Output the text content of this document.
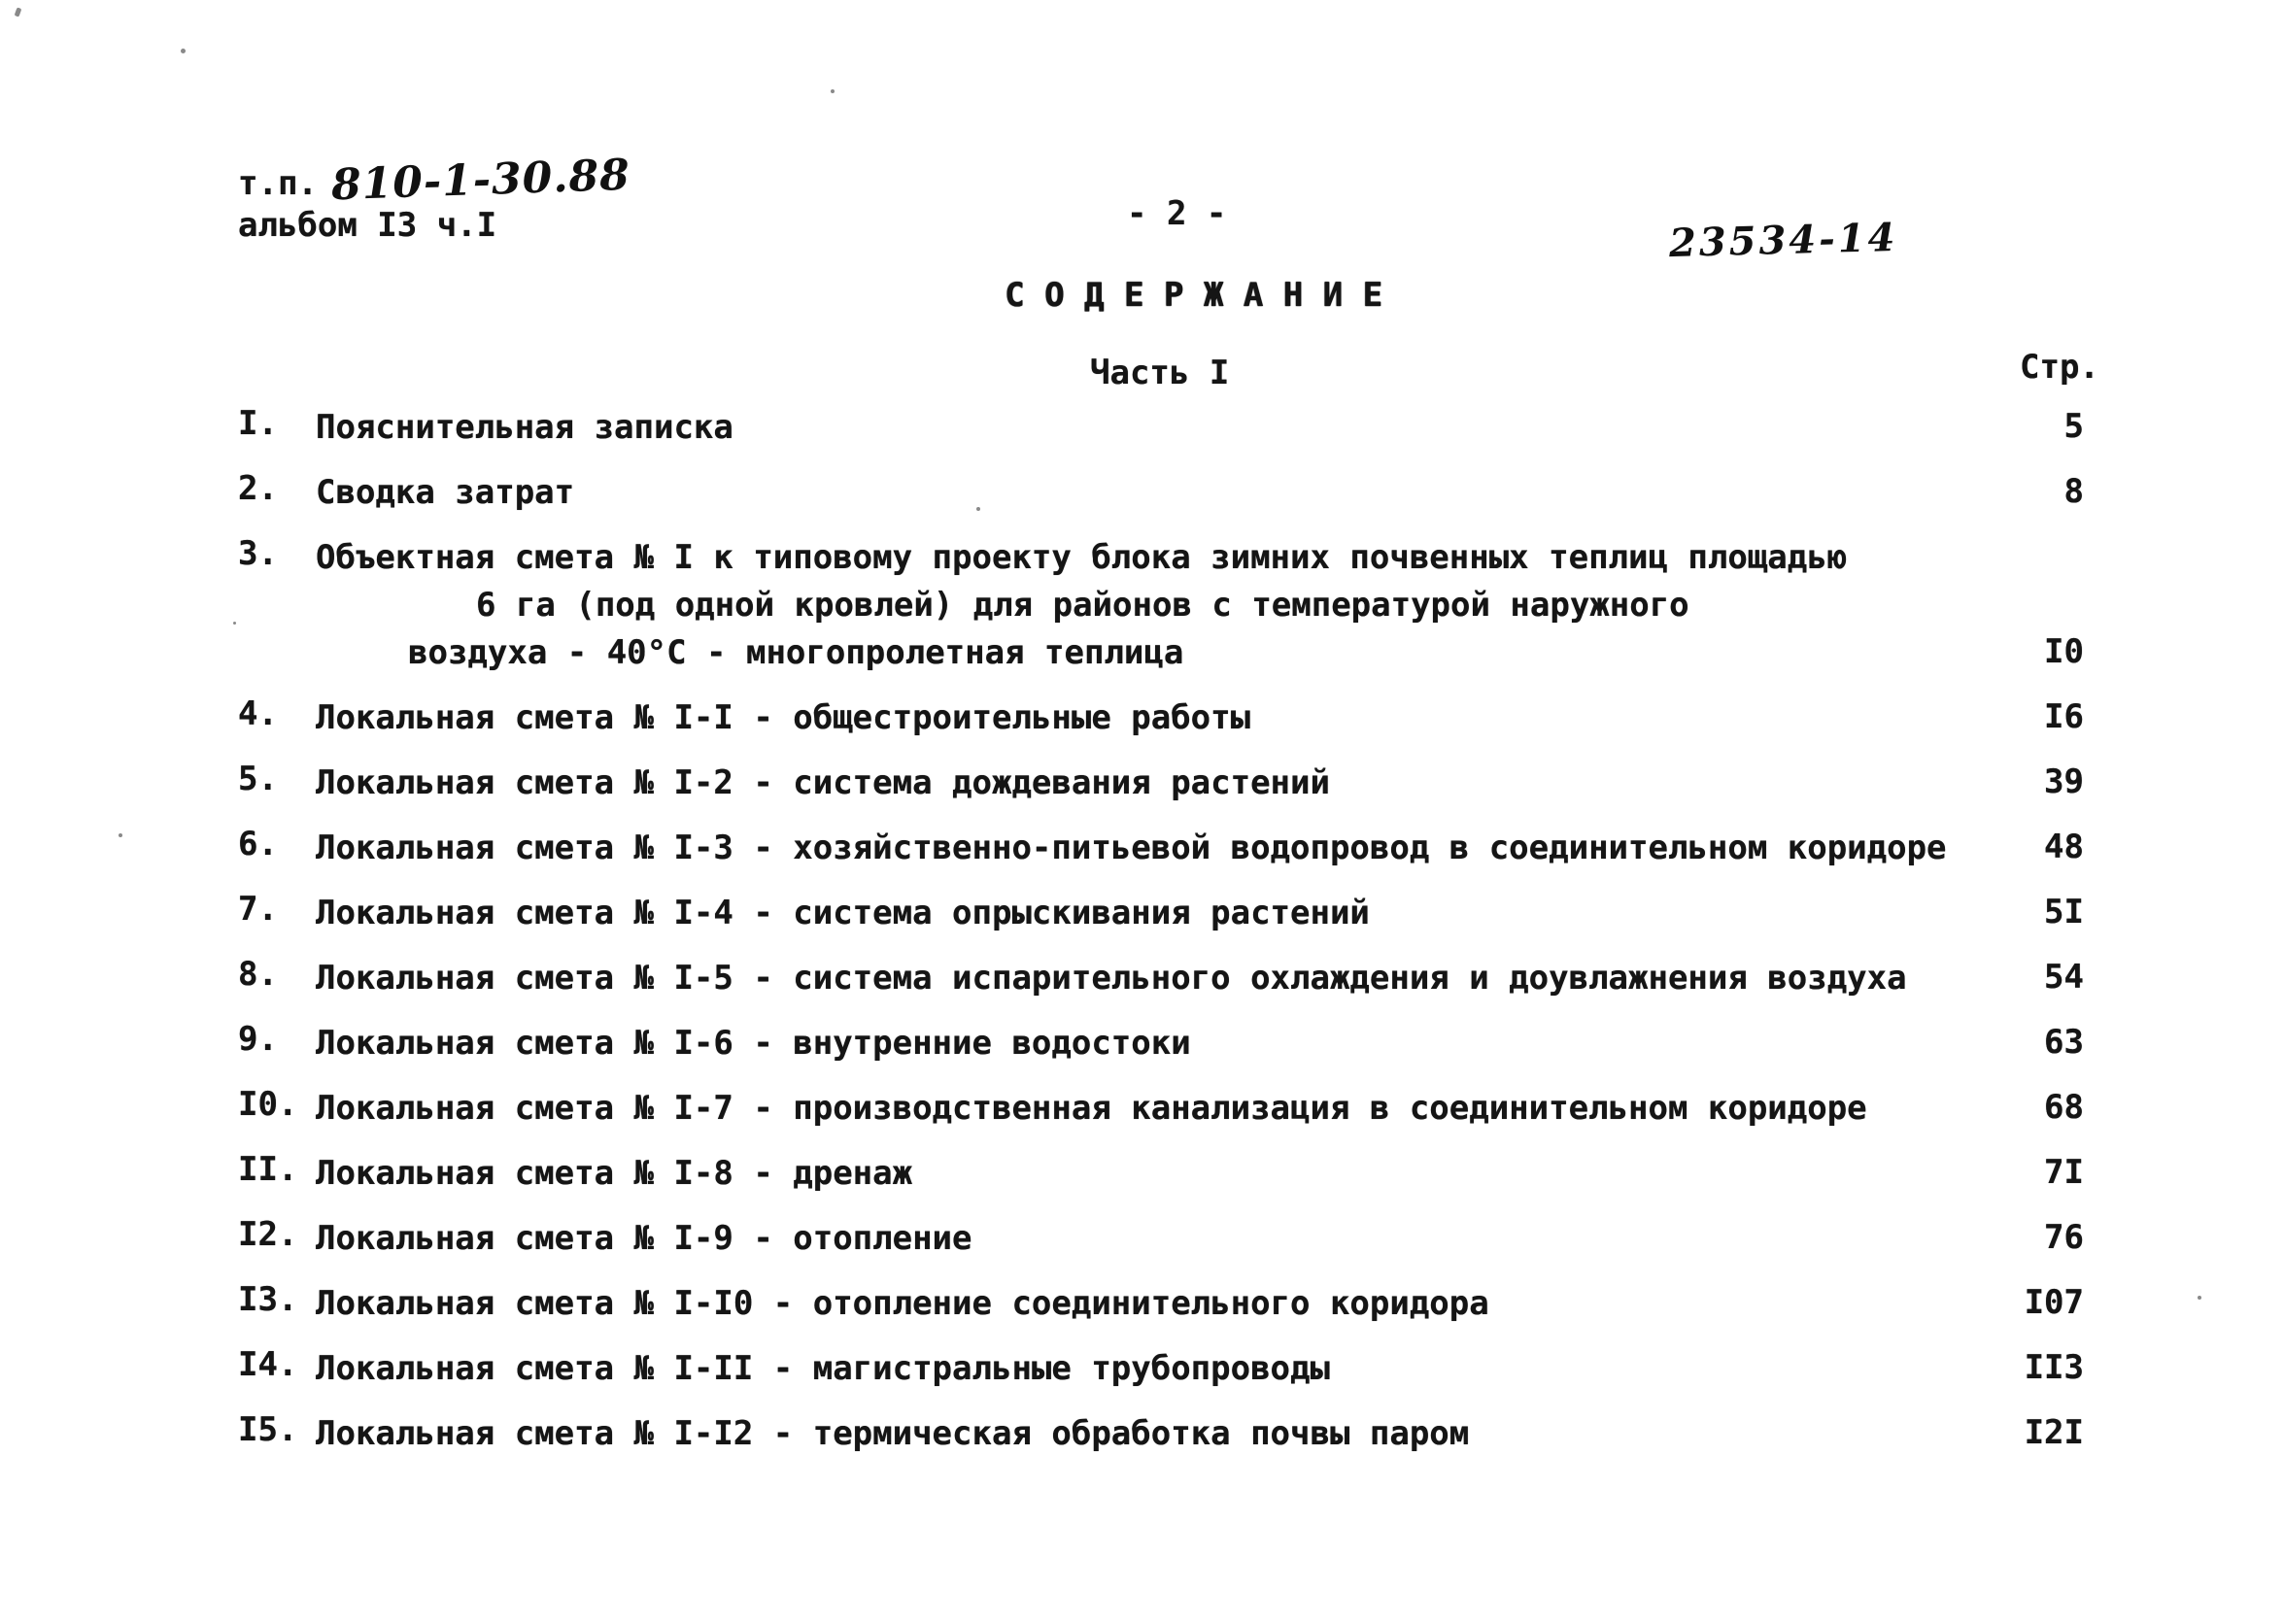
т.п. 810-1-30.88
альбом I3 ч.I	- 2 -
23534-14
С О Д Е Р Ж А Н И Е
Часть I	Стр.
I. Пояснительная записка	5
2. Сводка затрат	8
3. Объектная смета № I к типовому проекту блока зимних почвенных теплиц площадью
6 га (под одной кровлей) для районов с температурой наружного
воздуха - 40°С - многопролетная теплица	I0
4. Локальная смета № I-I - общестроительные работы	I6
5. Локальная смета № I-2 - система дождевания растений	39
6. Локальная смета № I-3 - хозяйственно-питьевой водопровод в соединительном коридоре	48
7. Локальная смета № I-4 - система опрыскивания растений	5I
8. Локальная смета № I-5 - система испарительного охлаждения и доувлажнения воздуха	54
9. Локальная смета № I-6 - внутренние водостоки	63
I0. Локальная смета № I-7 - производственная канализация в соединительном коридоре	68
II. Локальная смета № I-8 - дренаж	7I
I2. Локальная смета № I-9 - отопление	76
I3. Локальная смета № I-I0 - отопление соединительного коридора	I07
I4. Локальная смета № I-II - магистральные трубопроводы	II3
I5. Локальная смета № I-I2 - термическая обработка почвы паром	I2I
